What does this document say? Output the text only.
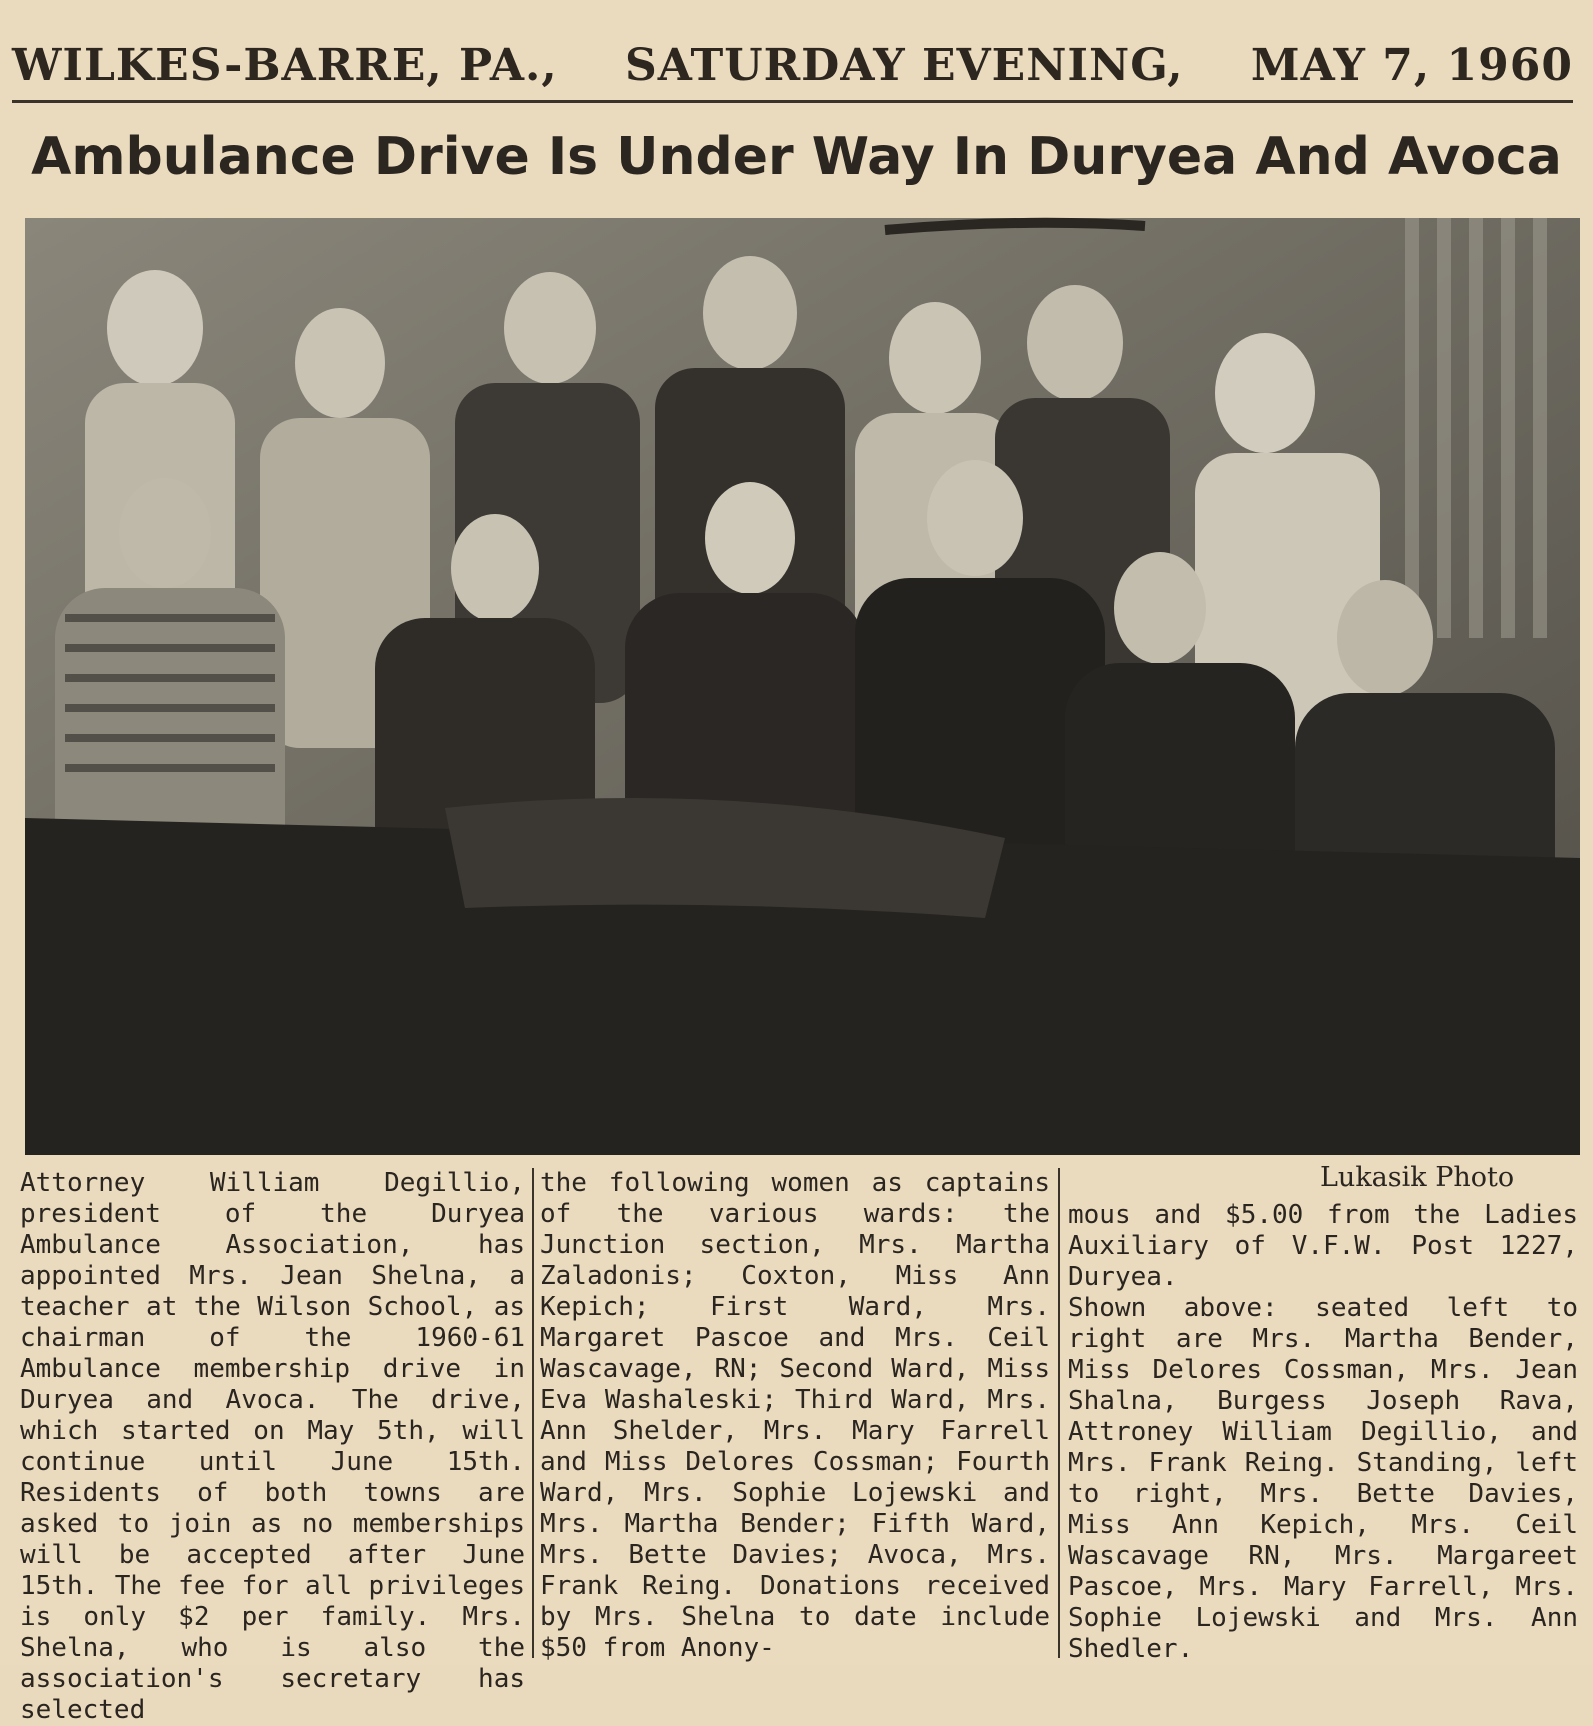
WILKES-BARRE, PA., SATURDAY EVENING, MAY 7, 1960
Ambulance Drive Is Under Way In Duryea And Avoca
Lukasik Photo
Attorney William Degillio, president of the Duryea Ambulance Association, has appointed Mrs. Jean Shelna, a teacher at the Wilson School, as chairman of the 1960-61 Ambulance membership drive in Duryea and Avoca. The drive, which started on May 5th, will continue until June 15th. Residents of both towns are asked to join as no memberships will be accepted after June 15th. The fee for all privileges is only $2 per family. Mrs. Shelna, who is also the association's secretary has selected
the following women as captains of the various wards: the Junction section, Mrs. Martha Zaladonis; Coxton, Miss Ann Kepich; First Ward, Mrs. Margaret Pascoe and Mrs. Ceil Wascavage, RN; Second Ward, Miss Eva Washaleski; Third Ward, Mrs. Ann Shelder, Mrs. Mary Farrell and Miss Delores Cossman; Fourth Ward, Mrs. Sophie Lojewski and Mrs. Martha Bender; Fifth Ward, Mrs. Bette Davies; Avoca, Mrs. Frank Reing. Donations received by Mrs. Shelna to date include $50 from Anony-
mous and $5.00 from the Ladies Auxiliary of V.F.W. Post 1227, Duryea.
Shown above: seated left to right are Mrs. Martha Bender, Miss Delores Cossman, Mrs. Jean Shalna, Burgess Joseph Rava, Attroney William Degillio, and Mrs. Frank Reing. Standing, left to right, Mrs. Bette Davies, Miss Ann Kepich, Mrs. Ceil Wascavage RN, Mrs. Margareet Pascoe, Mrs. Mary Farrell, Mrs. Sophie Lojewski and Mrs. Ann Shedler.
